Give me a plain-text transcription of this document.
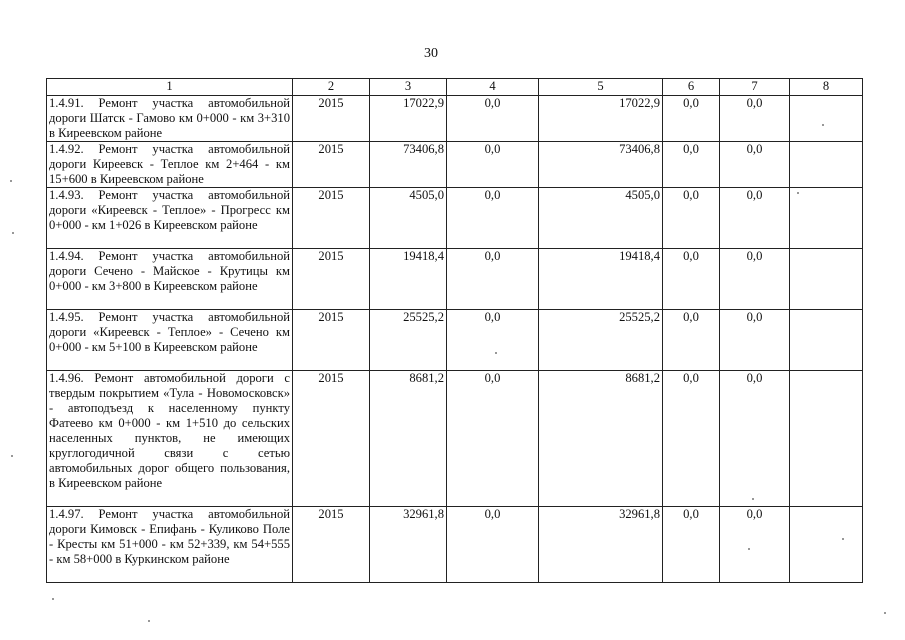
30
1	2	3	4	5	6	7	8
1.4.91. Ремонт участка автомобильной дороги Шатск - Гамово км 0+000 - км 3+310 в Киреевском районе	2015	17022,9	0,0	17022,9	0,0	0,0	
1.4.92. Ремонт участка автомобильной дороги Киреевск - Теплое км 2+464 - км 15+600 в Киреевском районе	2015	73406,8	0,0	73406,8	0,0	0,0	
1.4.93. Ремонт участка автомобильной дороги «Киреевск - Теплое» - Прогресс км 0+000 - км 1+026 в Киреевском районе	2015	4505,0	0,0	4505,0	0,0	0,0	
1.4.94. Ремонт участка автомобильной дороги Сечено - Майское - Крутицы км 0+000 - км 3+800 в Киреевском районе	2015	19418,4	0,0	19418,4	0,0	0,0	
1.4.95. Ремонт участка автомобильной дороги «Киреевск - Теплое» - Сечено км 0+000 - км 5+100 в Киреевском районе	2015	25525,2	0,0	25525,2	0,0	0,0	
1.4.96. Ремонт автомобильной дороги с твердым покрытием «Тула - Новомосковск» - автоподъезд к населенному пункту Фатеево км 0+000 - км 1+510 до сельских населенных пунктов, не имеющих круглогодичной связи с сетью автомобильных дорог общего пользования, в Киреевском районе	2015	8681,2	0,0	8681,2	0,0	0,0	
1.4.97. Ремонт участка автомобильной дороги Кимовск - Епифань - Куликово Поле - Кресты км 51+000 - км 52+339, км 54+555 - км 58+000 в Куркинском районе	2015	32961,8	0,0	32961,8	0,0	0,0	
